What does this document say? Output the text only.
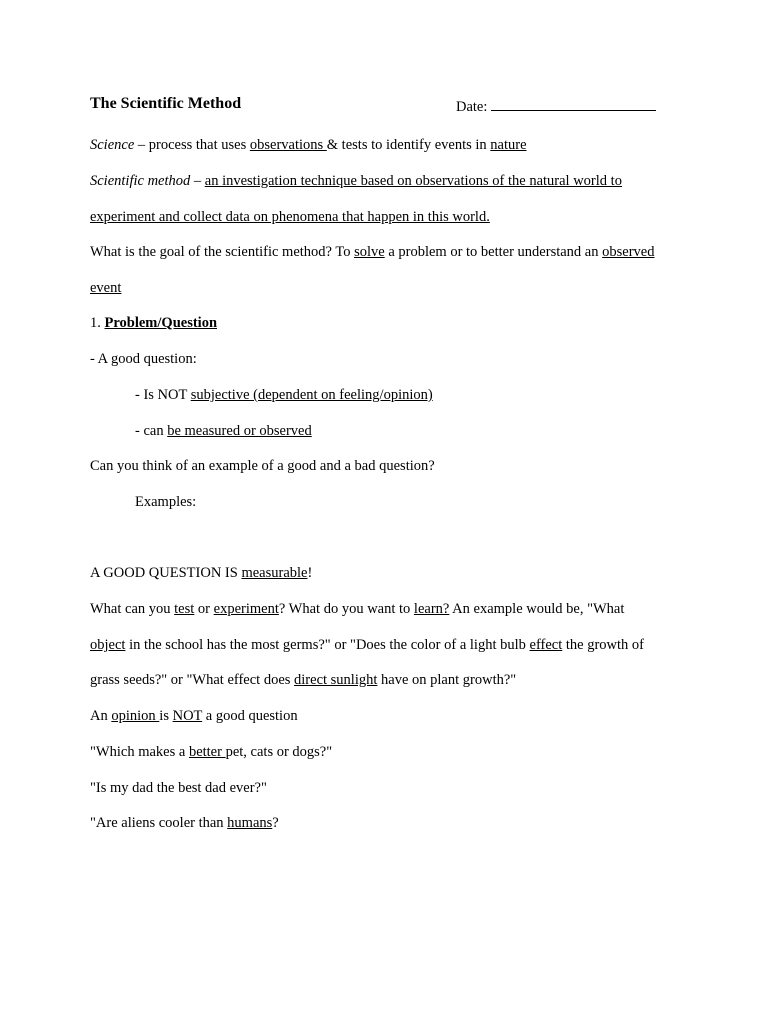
The Scientific Method	Date:
Science – process that uses observations & tests to identify events in nature
Scientific method – an investigation technique based on observations of the natural world to
experiment and collect data on phenomena that happen in this world.
What is the goal of the scientific method? To solve a problem or to better understand an observed
event
1. Problem/Question
- A good question:
- Is NOT subjective (dependent on feeling/opinion)
- can be measured or observed
Can you think of an example of a good and a bad question?
Examples:
A GOOD QUESTION IS measurable!
What can you test or experiment? What do you want to learn? An example would be, "What
object in the school has the most germs?" or "Does the color of a light bulb effect the growth of
grass seeds?" or "What effect does direct sunlight have on plant growth?"
An opinion is NOT a good question
"Which makes a better pet, cats or dogs?"
"Is my dad the best dad ever?"
"Are aliens cooler than humans?
